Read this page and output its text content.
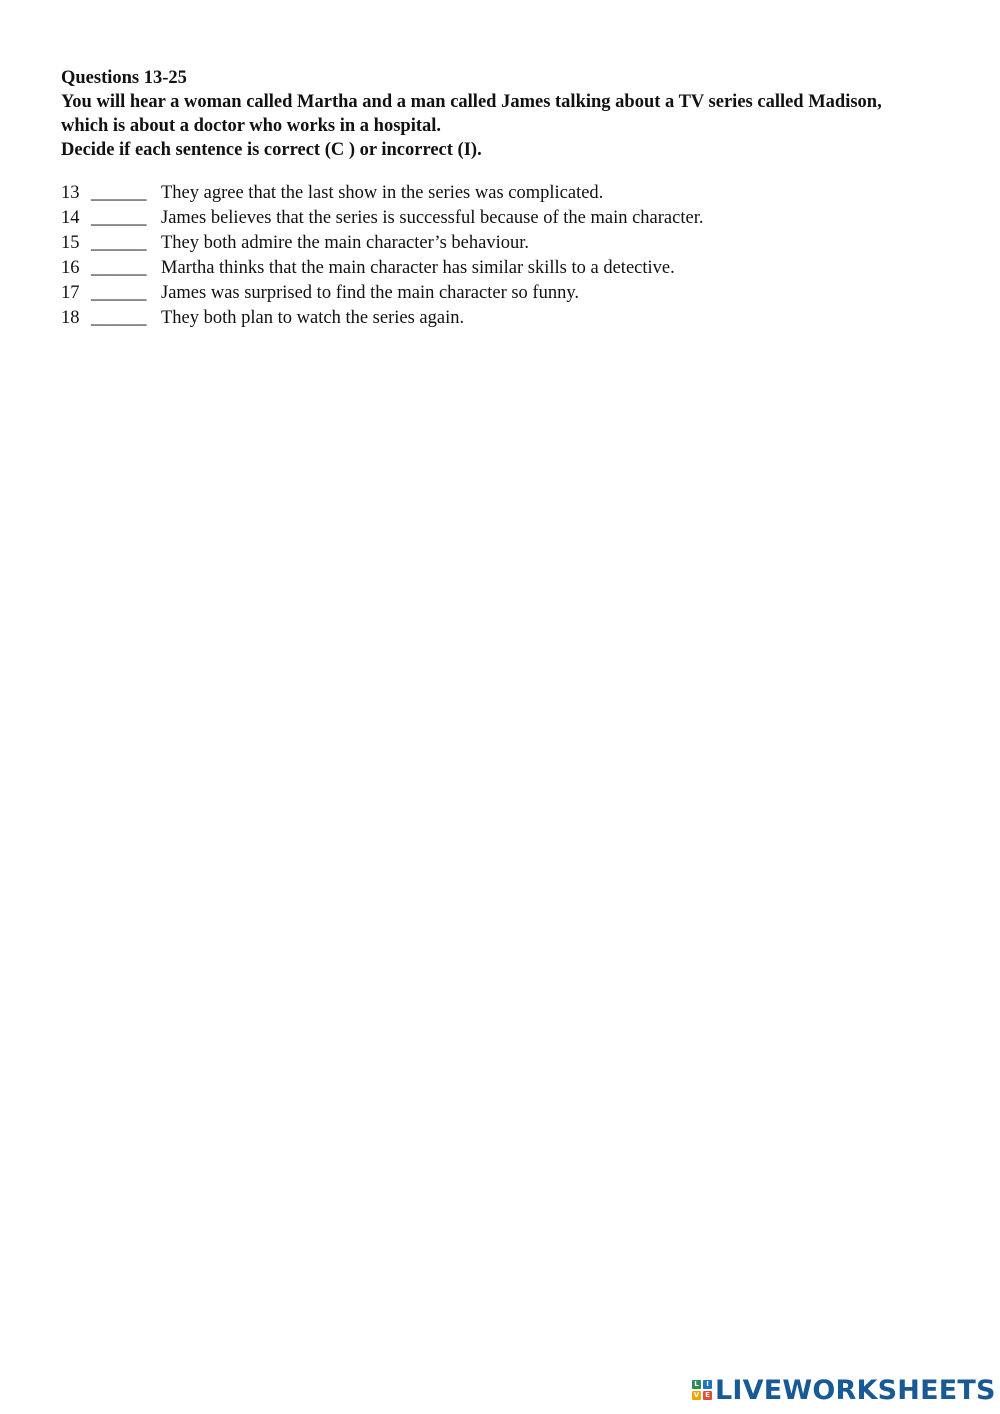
Questions 13-25
You will hear a woman called Martha and a man called James talking about a TV series called Madison,
which is about a doctor who works in a hospital.
Decide if each sentence is correct (C ) or incorrect (I).
13 ______ They agree that the last show in the series was complicated.
14 ______ James believes that the series is successful because of the main character.
15 ______ They both admire the main character’s behaviour.
16 ______ Martha thinks that the main character has similar skills to a detective.
17 ______ James was surprised to find the main character so funny.
18 ______ They both plan to watch the series again.
L	I
V E LIVEWORKSHEETS
